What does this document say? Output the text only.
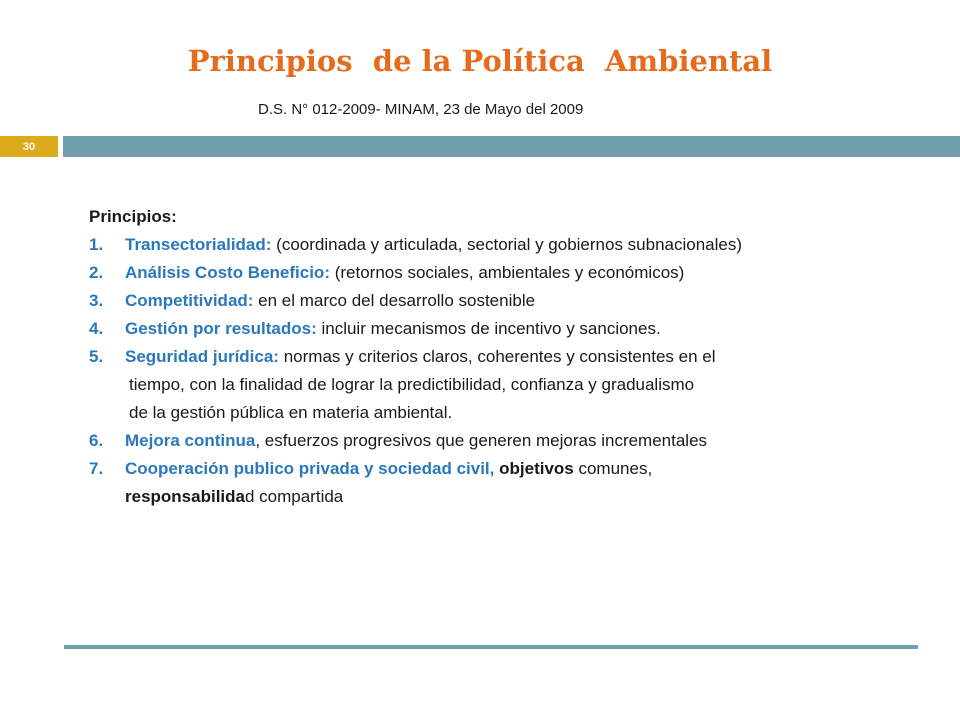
Principios  de la Política  Ambiental
D.S. N° 012-2009- MINAM, 23 de Mayo del 2009
30
Principios:
1.	Transectorialidad: (coordinada y articulada, sectorial y gobiernos subnacionales)
2.	Análisis Costo Beneficio: (retornos sociales, ambientales y económicos)
3.	Competitividad: en el marco del desarrollo sostenible
4.	Gestión por resultados: incluir mecanismos de incentivo y sanciones.
5.	Seguridad jurídica: normas y criterios claros, coherentes y consistentes en el
tiempo, con la finalidad de lograr la predictibilidad, confianza y gradualismo
de la gestión pública en materia ambiental.
6.	Mejora continua, esfuerzos progresivos que generen mejoras incrementales
7.	Cooperación publico privada y sociedad civil, objetivos comunes,
responsabilidad compartida
